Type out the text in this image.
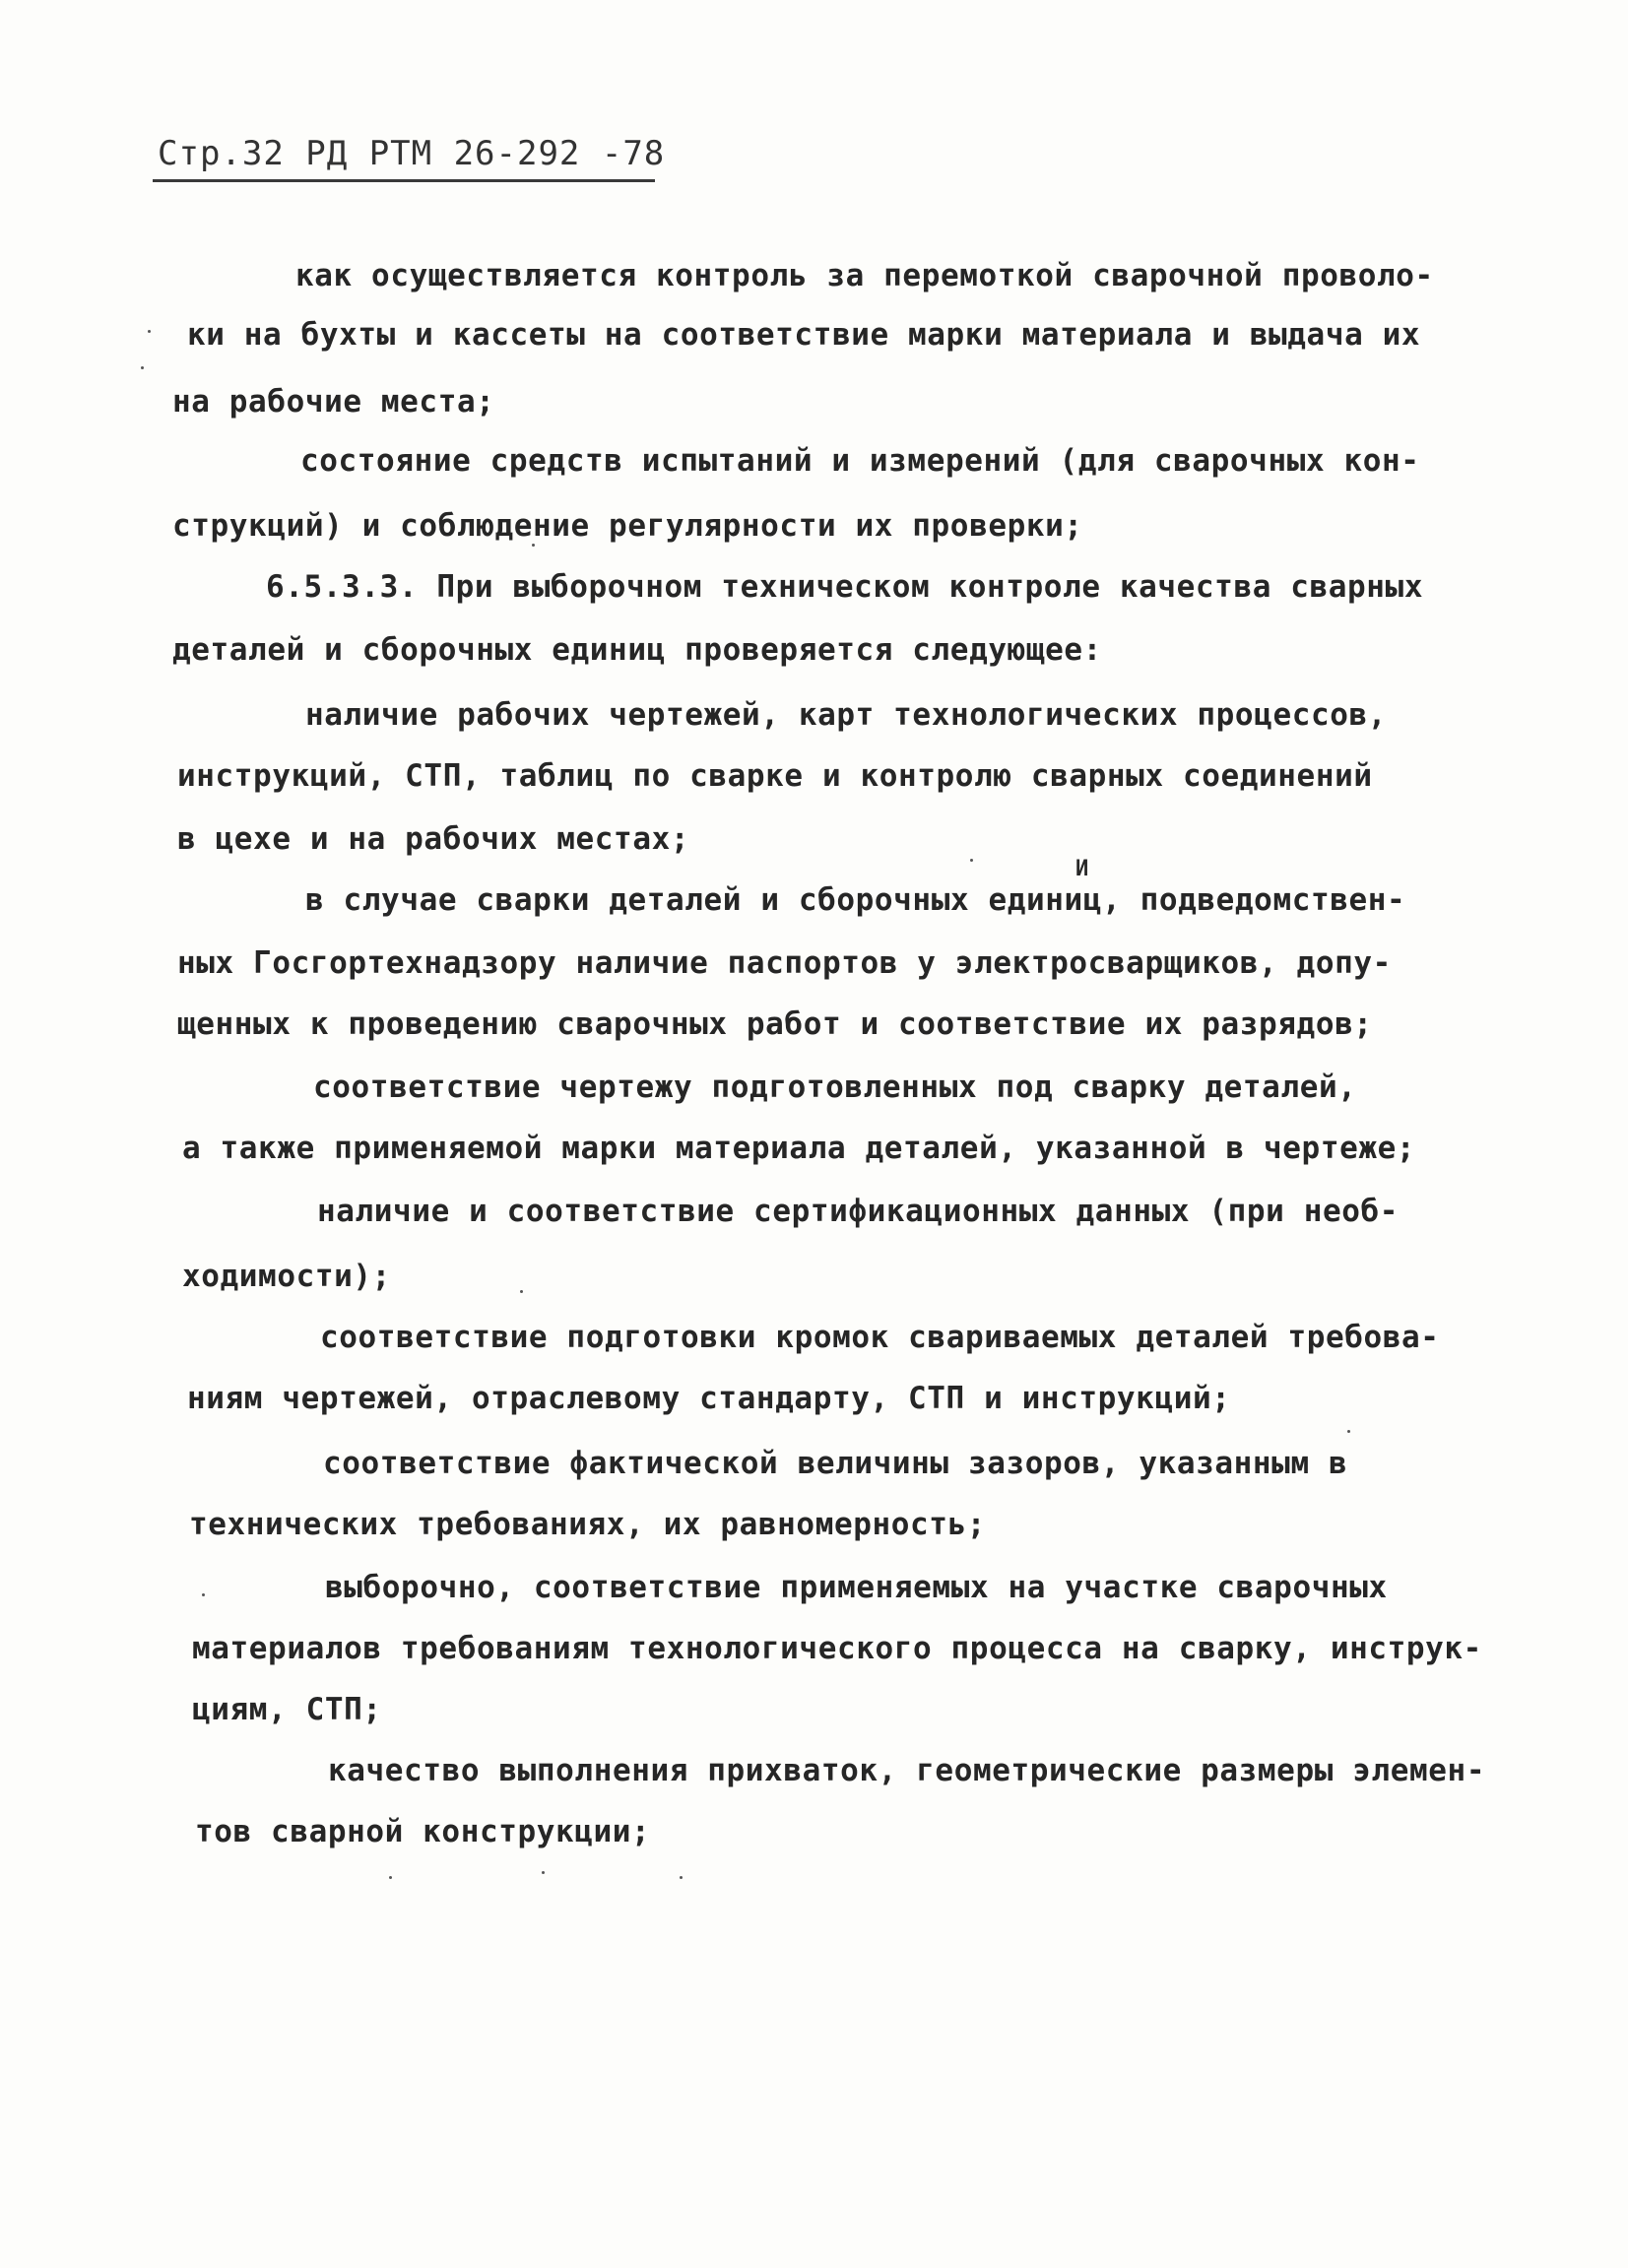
Стр.32 РД РТМ 26-292 -78
как осуществляется контроль за перемоткой сварочной проволо-
ки на бухты и кассеты на соответствие марки материала и выдача их
на рабочие места;
состояние средств испытаний и измерений (для сварочных кон-
струкций) и соблюдение регулярности их проверки;
6.5.3.3. При выборочном техническом контроле качества сварных
деталей и сборочных единиц проверяется следующее:
наличие рабочих чертежей, карт технологических процессов,
инструкций, СТП, таблиц по сварке и контролю сварных соединений
в цехе и на рабочих местах;
И
в случае сварки деталей и сборочных единиц, подведомствен-
ных Госгортехнадзору наличие паспортов у электросварщиков, допу-
щенных к проведению сварочных работ и соответствие их разрядов;
соответствие чертежу подготовленных под сварку деталей,
а также применяемой марки материала деталей, указанной в чертеже;
наличие и соответствие сертификационных данных (при необ-
ходимости);
соответствие подготовки кромок свариваемых деталей требова-
ниям чертежей, отраслевому стандарту, СТП и инструкций;
соответствие фактической величины зазоров, указанным в
технических требованиях, их равномерность;
выборочно, соответствие применяемых на участке сварочных
материалов требованиям технологического процесса на сварку, инструк-
циям, СТП;
качество выполнения прихваток, геометрические размеры элемен-
тов сварной конструкции;
